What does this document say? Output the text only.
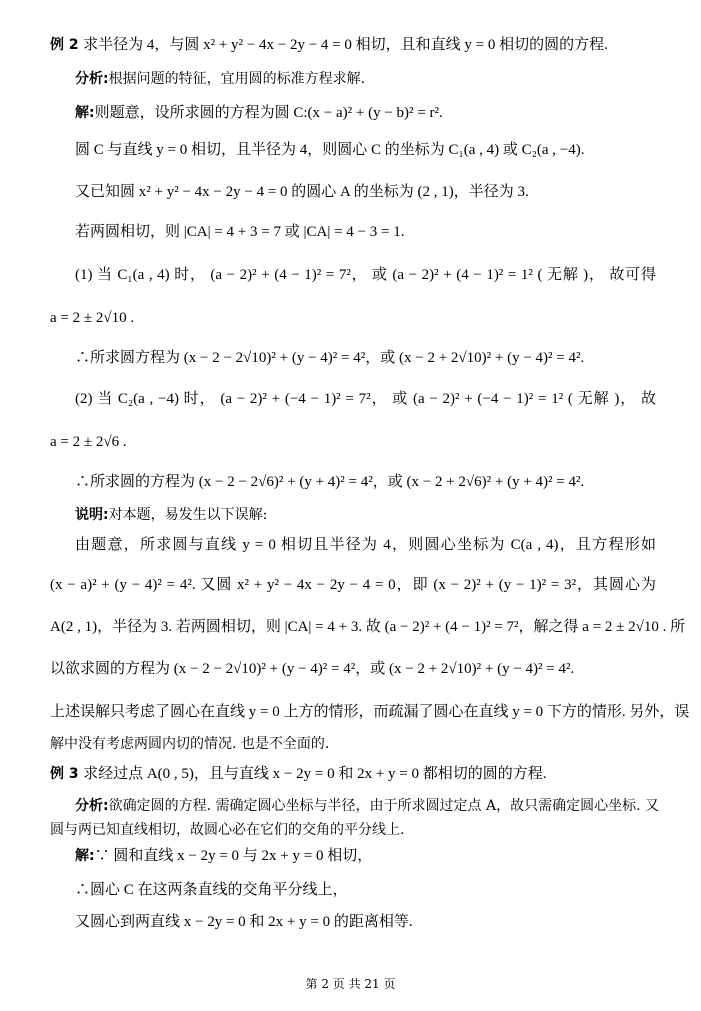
例 2 求半径为 4，与圆 x² + y² − 4x − 2y − 4 = 0 相切，且和直线 y = 0 相切的圆的方程.
分析:根据问题的特征，宜用圆的标准方程求解.
解:则题意，设所求圆的方程为圆 C:(x − a)² + (y − b)² = r².
圆 C 与直线 y = 0 相切，且半径为 4，则圆心 C 的坐标为 C₁(a , 4) 或 C₂(a , −4).
又已知圆 x² + y² − 4x − 2y − 4 = 0 的圆心 A 的坐标为 (2 , 1)，半径为 3.
若两圆相切，则 |CA| = 4 + 3 = 7 或 |CA| = 4 − 3 = 1.
(1) 当 C₁(a , 4) 时， (a − 2)² + (4 − 1)² = 7²， 或 (a − 2)² + (4 − 1)² = 1² ( 无解 )， 故可得
a = 2 ± 2√10 .
∴所求圆方程为 (x − 2 − 2√10)² + (y − 4)² = 4²，或 (x − 2 + 2√10)² + (y − 4)² = 4².
(2) 当 C₂(a , −4) 时， (a − 2)² + (−4 − 1)² = 7²， 或 (a − 2)² + (−4 − 1)² = 1² ( 无解 )， 故
a = 2 ± 2√6 .
∴所求圆的方程为 (x − 2 − 2√6)² + (y + 4)² = 4²，或 (x − 2 + 2√6)² + (y + 4)² = 4².
说明:对本题，易发生以下误解:
由题意，所求圆与直线 y = 0 相切且半径为 4，则圆心坐标为 C(a , 4)，且方程形如
(x − a)² + (y − 4)² = 4². 又圆 x² + y² − 4x − 2y − 4 = 0，即 (x − 2)² + (y − 1)² = 3²，其圆心为
A(2 , 1)，半径为 3. 若两圆相切，则 |CA| = 4 + 3. 故 (a − 2)² + (4 − 1)² = 7²，解之得 a = 2 ± 2√10 . 所
以欲求圆的方程为 (x − 2 − 2√10)² + (y − 4)² = 4²，或 (x − 2 + 2√10)² + (y − 4)² = 4².
上述误解只考虑了圆心在直线 y = 0 上方的情形，而疏漏了圆心在直线 y = 0 下方的情形. 另外，误
解中没有考虑两圆内切的情况. 也是不全面的.
例 3 求经过点 A(0 , 5)，且与直线 x − 2y = 0 和 2x + y = 0 都相切的圆的方程.
分析:欲确定圆的方程. 需确定圆心坐标与半径，由于所求圆过定点 A，故只需确定圆心坐标. 又
圆与两已知直线相切，故圆心必在它们的交角的平分线上.
解:∵ 圆和直线 x − 2y = 0 与 2x + y = 0 相切，
∴圆心 C 在这两条直线的交角平分线上，
又圆心到两直线 x − 2y = 0 和 2x + y = 0 的距离相等.
第 2 页 共 21 页
